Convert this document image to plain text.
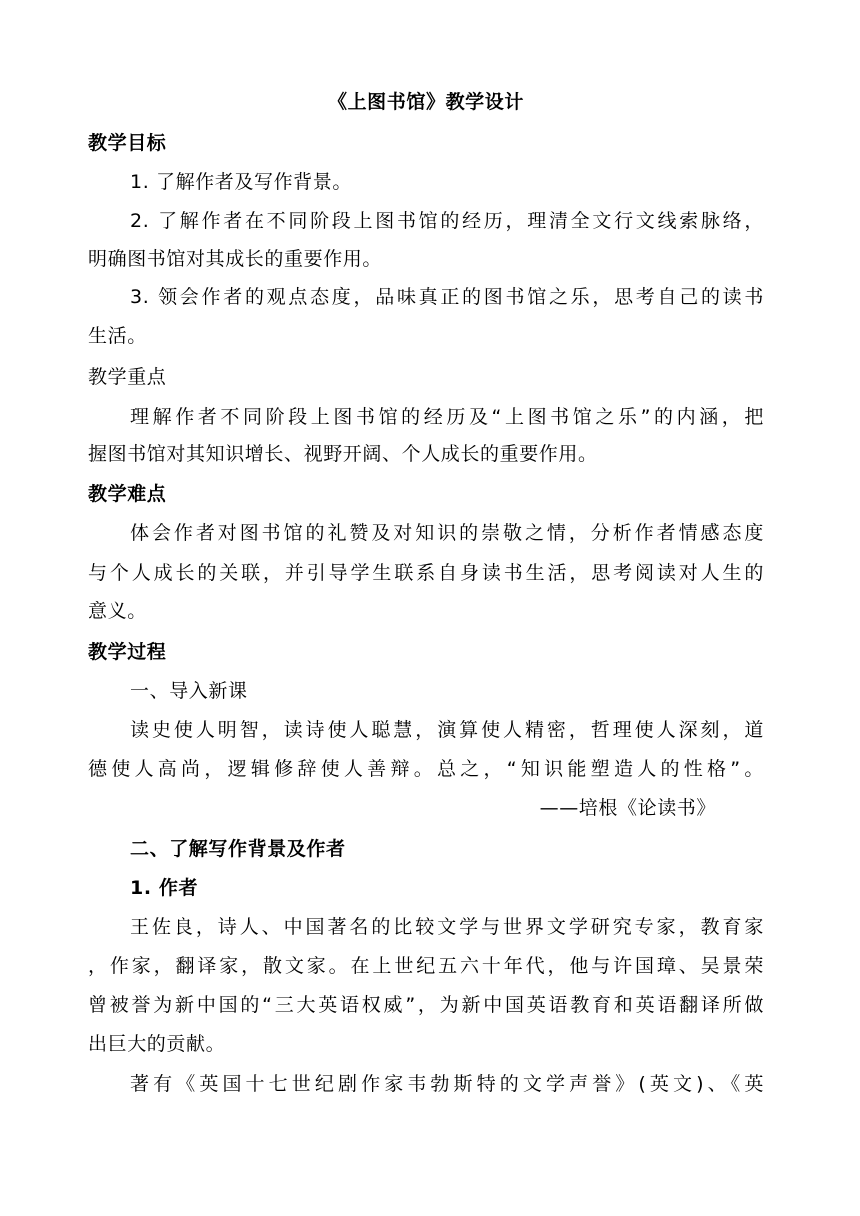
《上图书馆》教学设计
教学目标
1. 了解作者及写作背景。
2. 了解作者在不同阶段上图书馆的经历，理清全文行文线索脉络，
明确图书馆对其成长的重要作用。
3. 领会作者的观点态度，品味真正的图书馆之乐，思考自己的读书
生活。
教学重点
理解作者不同阶段上图书馆的经历及“上图书馆之乐”的内涵，把
握图书馆对其知识增长、视野开阔、个人成长的重要作用。
教学难点
体会作者对图书馆的礼赞及对知识的崇敬之情，分析作者情感态度
与个人成长的关联，并引导学生联系自身读书生活，思考阅读对人生的
意义。
教学过程
一、导入新课
读史使人明智，读诗使人聪慧，演算使人精密，哲理使人深刻，道
德使人高尚，逻辑修辞使人善辩。总之，“知识能塑造人的性格”。
——培根《论读书》
二、了解写作背景及作者
1. 作者
王佐良，诗人、中国著名的比较文学与世界文学研究专家，教育家
，作家，翻译家，散文家。在上世纪五六十年代，他与许国璋、吴景荣
曾被誉为新中国的“三大英语权威”，为新中国英语教育和英语翻译所做
出巨大的贡献。
著有《英国十七世纪剧作家韦勃斯特的文学声誉》(英文)、《英
